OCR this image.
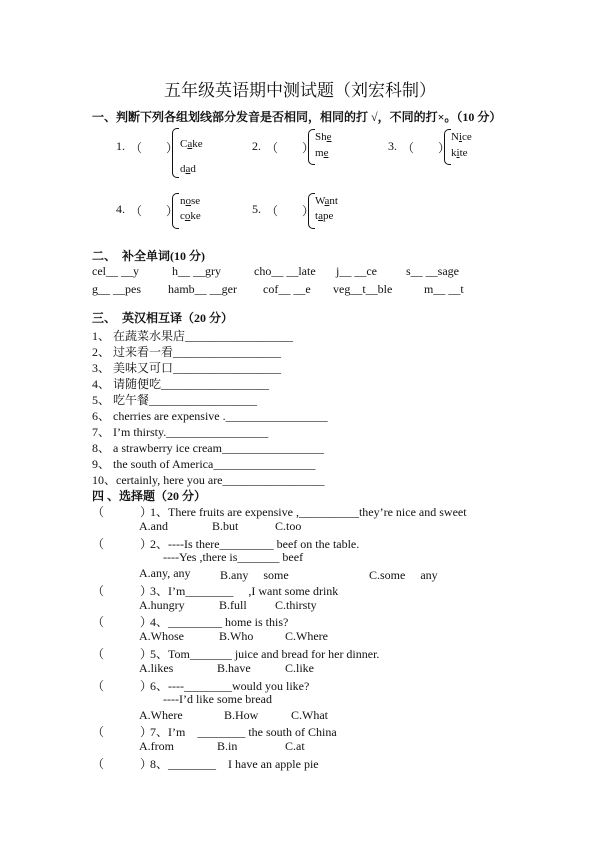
五年级英语期中测试题（刘宏科制）
一、判断下列各组划线部分发音是否相同，相同的打 √，不同的打×。（10 分）
1. （　　） Cake
dad
2. （　　）
She
me	3. （　　）
Nice
kite
4. （　　）
nose
coke	5. （　　）
Want
tape
二、　补全单词(10 分)
cel__ __y	h__ __gry	cho__ __late j__ __ce s__ __sage
g__ __pes hamb__ __ger cof__ __e veg__t__ble	m__ __t
三、　英汉相互译（20 分）
1、 在蔬菜水果店__________________
2、 过来看一看__________________
3、 美味又可口__________________
4、 请随便吃__________________
5、 吃午餐__________________
6、 cherries are expensive ._________________
7、 I’m thirsty._________________
8、 a strawberry ice cream_________________
9、 the south of America_________________
10、certainly, here you are_________________
四 、选择题（20 分）
（　　　）
1、There fruits are expensive ,__________they’re nice and sweet
A.and	B.but	C.too
（　　　）
2、----Is there_________ beef on the table.
----Yes ,there is_______ beef
A.any, any B.any　 some	C.some　 any
（　　　）
3、I’m________　 ,I want some drink
A.hungry	B.full C.thirsty
（　　　）
4、_________ home is this?
A.Whose	B.Who	C.Where
（　　　）
5、Tom_______ juice and bread for her dinner.
A.likes	B.have	C.like
（　　　）
6、----________would you like?
----I’d like some bread
A.Where	B.How	C.What
（　　　）
7、I’m　________ the south of China
A.from	B.in	C.at
（　　　）
8、________　I have an apple pie
